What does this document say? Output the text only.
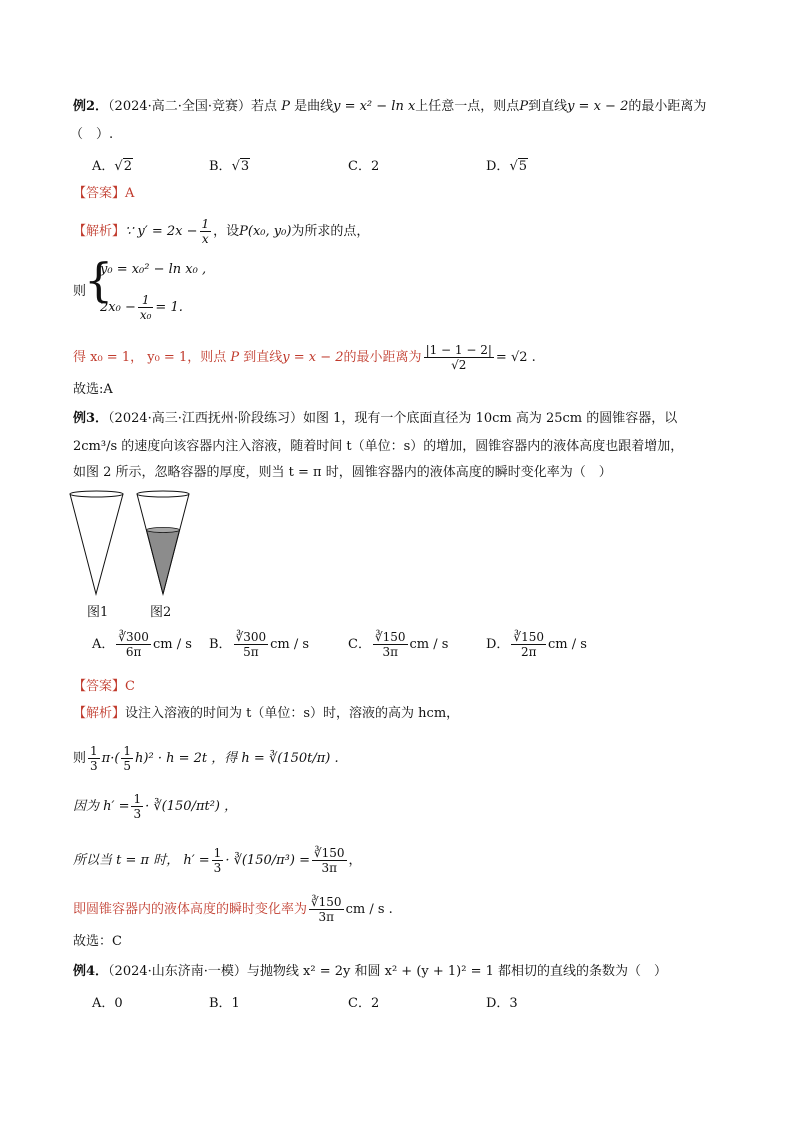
例2．（2024·高二·全国·竞赛）若点 P 是曲线y = x² − ln x上任意一点，则点P到直线y = x − 2的最小距离为
（　）.
A．√2	B．√3	C．2	D．√5
【答案】A
【解析】∵ $y' = 2x - \frac{1}{x}$ ，设P(x₀, y₀)为所求的点，
则
{
y₀ = x₀² − ln x₀ ,
$2x_0 - \frac{1}{\text{x₀}} = 1$.
得 x₀ = 1， y₀ = 1，则点 P 到直线y = x − 2的最小距离为 $\frac{|1 - 1 - 2|}{√2} = √2$ .
故选:A
例3．（2024·高三·江西抚州·阶段练习）如图 1，现有一个底面直径为 10cm 高为 25cm 的圆锥容器，以
2cm³/s 的速度向该容器内注入溶液，随着时间 t（单位：s）的增加，圆锥容器内的液体高度也跟着增加，
如图 2 所示，忽略容器的厚度，则当 t = π 时，圆锥容器内的液体高度的瞬时变化率为（　）
图1	图2
A． $\frac{∛300}{6\pi}$ cm / s B． $\frac{∛300}{5\pi}$ cm / s	C． $\frac{∛150}{3\pi}$ cm / s	D． $\frac{∛150}{2\pi}$ cm / s
【答案】C
【解析】设注入溶液的时间为 t（单位：s）时，溶液的高为 hcm，
则 $\frac{1}{3} \pi\cdot( \frac{1}{5} h)^2 \cdot h = 2t$ ，得 h = ∛(150t/π) .
因为 $h' = \frac{1}{3}$ · ∛(150/πt²) ，
所以当 t = π 时， $h' = \frac{1}{3}$ · ∛(150/π³) = $\frac{∛150}{3\pi}$ ，
即圆锥容器内的液体高度的瞬时变化率为 $\frac{∛150}{3\pi}$ cm / s .
故选：C
例4．（2024·山东济南·一模）与抛物线 x² = 2y 和圆 x² + (y + 1)² = 1 都相切的直线的条数为（　）
A．0	B．1	C．2	D．3
